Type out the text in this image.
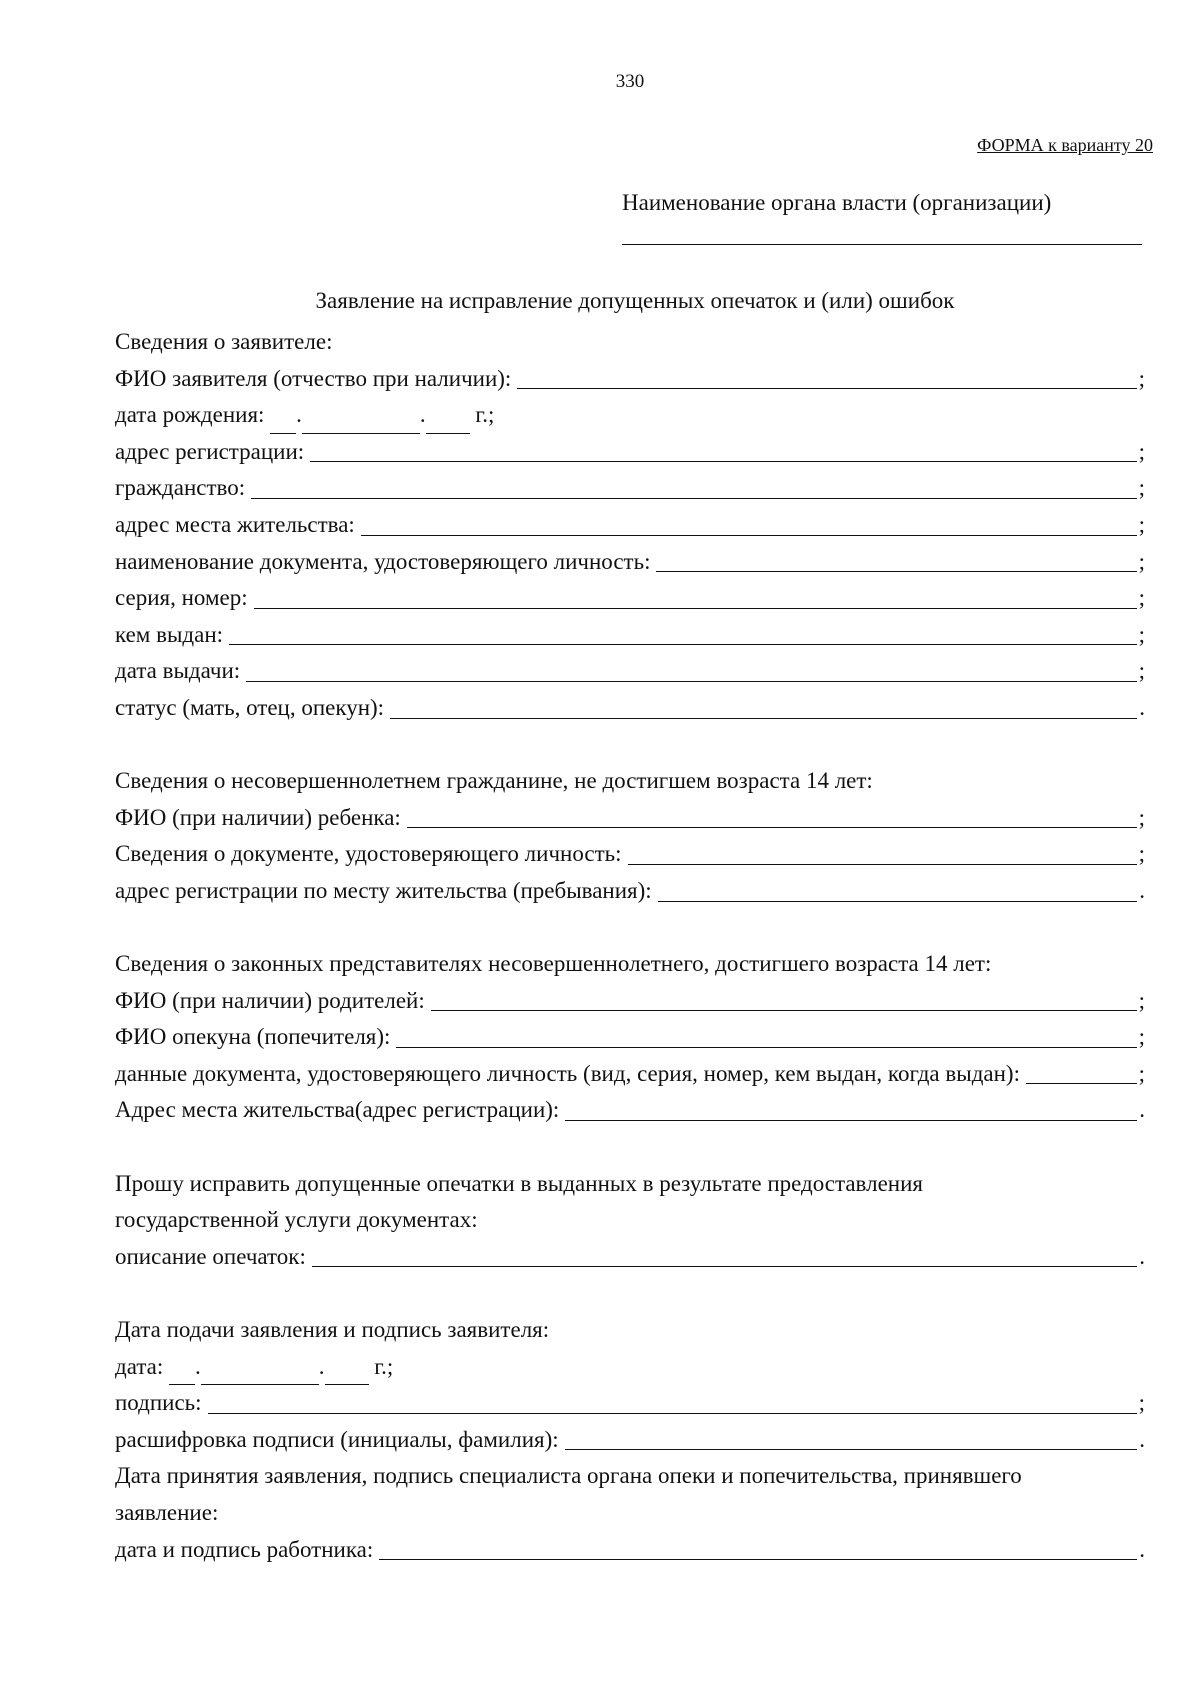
330
ФОРМА к варианту 20
Наименование органа власти (организации)
Заявление на исправление допущенных опечаток и (или) ошибок
Сведения о заявителе:
ФИО заявителя (отчество при наличии):	;
дата рождения:
.	.
г.;
адрес регистрации:	;
гражданство:	;
адрес места жительства:	;
наименование документа, удостоверяющего личность:	;
серия, номер:	;
кем выдан:	;
дата выдачи:	;
статус (мать, отец, опекун):	.
Сведения о несовершеннолетнем гражданине, не достигшем возраста 14 лет:
ФИО (при наличии) ребенка:	;
Сведения о документе, удостоверяющего личность:	;
адрес регистрации по месту жительства (пребывания):	.
Сведения о законных представителях несовершеннолетнего, достигшего возраста 14 лет:
ФИО (при наличии) родителей:	;
ФИО опекуна (попечителя):	;
данные документа, удостоверяющего личность (вид, серия, номер, кем выдан, когда выдан):	;
Адрес места жительства(адрес регистрации):	.
Прошу исправить допущенные опечатки в выданных в результате предоставления
государственной услуги документах:
описание опечаток:	.
Дата подачи заявления и подпись заявителя:
дата:
.	.
г.;
подпись:	;
расшифровка подписи (инициалы, фамилия):	.
Дата принятия заявления, подпись специалиста органа опеки и попечительства, принявшего
заявление:
дата и подпись работника:	.
